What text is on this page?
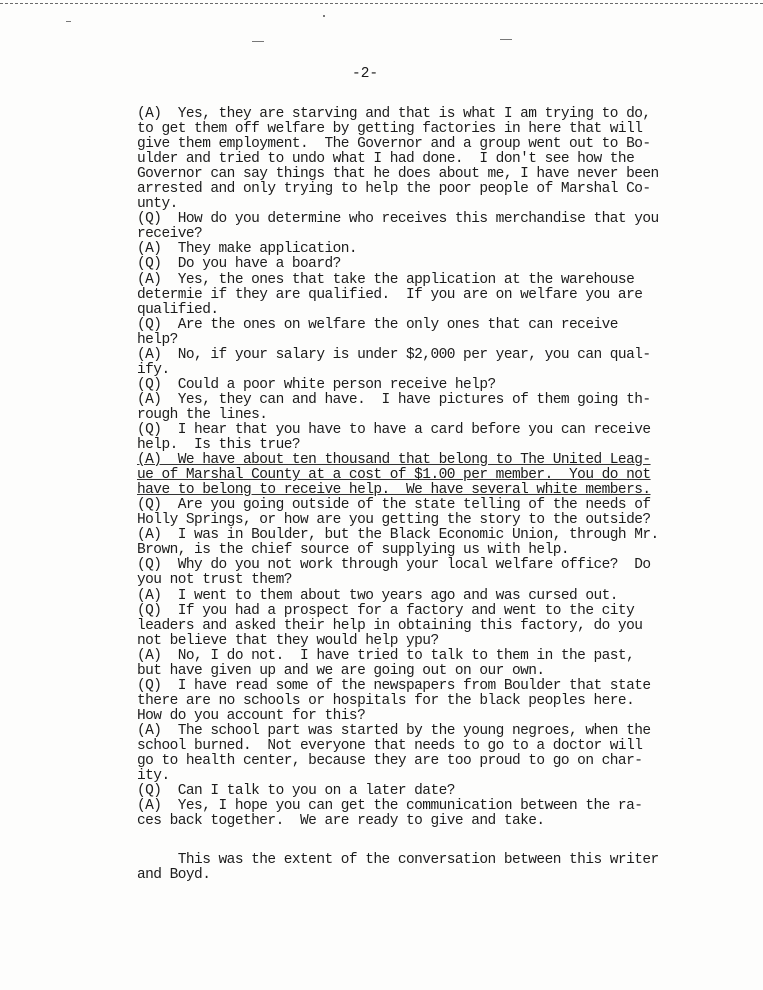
-2-
(A)  Yes, they are starving and that is what I am trying to do,
to get them off welfare by getting factories in here that will
give them employment.  The Governor and a group went out to Bo-
ulder and tried to undo what I had done.  I don't see how the
Governor can say things that he does about me, I have never been
arrested and only trying to help the poor people of Marshal Co-
unty.
(Q)  How do you determine who receives this merchandise that you
receive?
(A)  They make application.
(Q)  Do you have a board?
(A)  Yes, the ones that take the application at the warehouse
determie if they are qualified.  If you are on welfare you are
qualified.
(Q)  Are the ones on welfare the only ones that can receive
help?
(A)  No, if your salary is under $2,000 per year, you can qual-
ify.
(Q)  Could a poor white person receive help?
(A)  Yes, they can and have.  I have pictures of them going th-
rough the lines.
(Q)  I hear that you have to have a card before you can receive
help.  Is this true?
(A)  We have about ten thousand that belong to The United Leag-
ue of Marshal County at a cost of $1.00 per member.  You do not
have to belong to receive help.  We have several white members.
(Q)  Are you going outside of the state telling of the needs of
Holly Springs, or how are you getting the story to the outside?
(A)  I was in Boulder, but the Black Economic Union, through Mr.
Brown, is the chief source of supplying us with help.
(Q)  Why do you not work through your local welfare office?  Do
you not trust them?
(A)  I went to them about two years ago and was cursed out.
(Q)  If you had a prospect for a factory and went to the city
leaders and asked their help in obtaining this factory, do you
not believe that they would help ypu?
(A)  No, I do not.  I have tried to talk to them in the past,
but have given up and we are going out on our own.
(Q)  I have read some of the newspapers from Boulder that state
there are no schools or hospitals for the black peoples here.
How do you account for this?
(A)  The school part was started by the young negroes, when the
school burned.  Not everyone that needs to go to a doctor will
go to health center, because they are too proud to go on char-
ity.
(Q)  Can I talk to you on a later date?
(A)  Yes, I hope you can get the communication between the ra-
ces back together.  We are ready to give and take.
This was the extent of the conversation between this writer
and Boyd.
